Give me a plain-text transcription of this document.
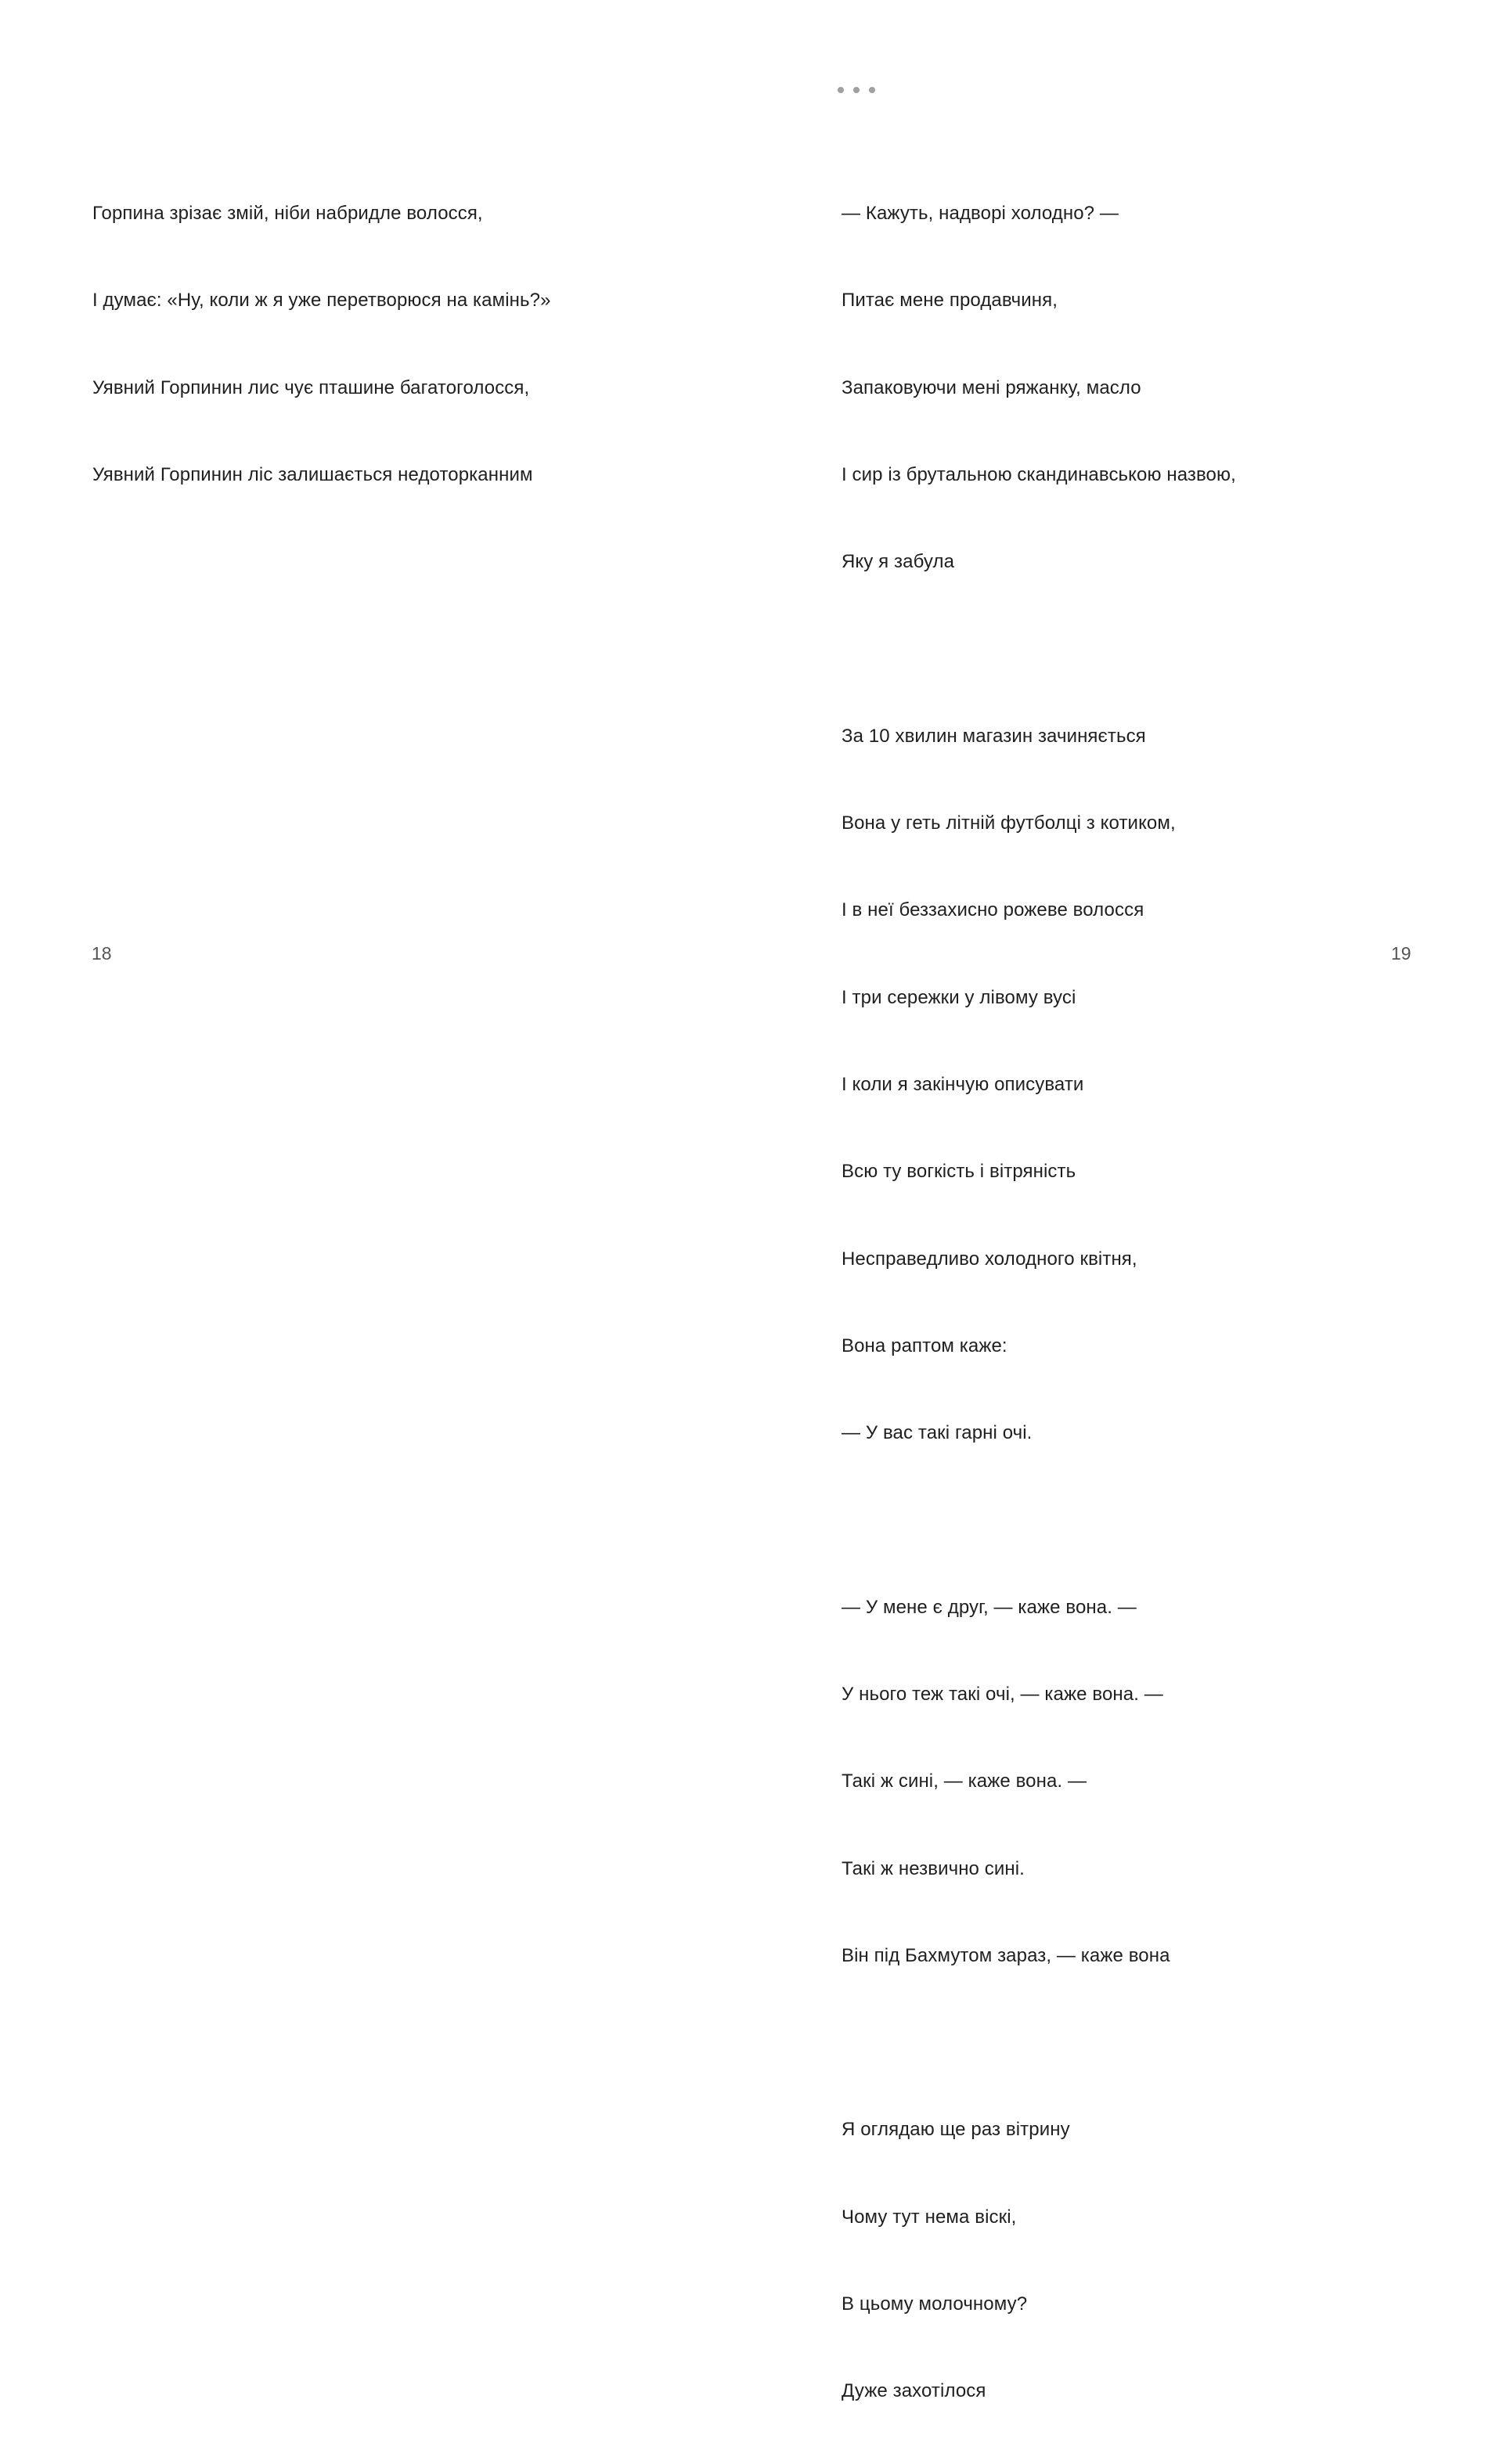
Горпина зрізає змій, ніби набридле волосся,

І думає: «Ну, коли ж я уже перетворюся на камінь?»

Уявний Горпинин лис чує пташине багатоголосся,

Уявний Горпинин ліс залишається недоторканним

18

— Кажуть, надворі холодно? —

Питає мене продавчиня,

Запаковуючи мені ряжанку, масло

І сир із брутальною скандинавською назвою,

Яку я забула

За 10 хвилин магазин зачиняється

Вона у геть літній футболці з котиком,

І в неї беззахисно рожеве волосся

І три сережки у лівому вусі

І коли я закінчую описувати

Всю ту вогкість і вітряність

Несправедливо холодного квітня,

Вона раптом каже:

— У вас такі гарні очі.

— У мене є друг, — каже вона. —

У нього теж такі очі, — каже вона. —

Такі ж сині, — каже вона. —

Такі ж незвично сині.

Він під Бахмутом зараз, — каже вона

Я оглядаю ще раз вітрину

Чому тут нема віскі,

В цьому молочному?

Дуже захотілося

19
